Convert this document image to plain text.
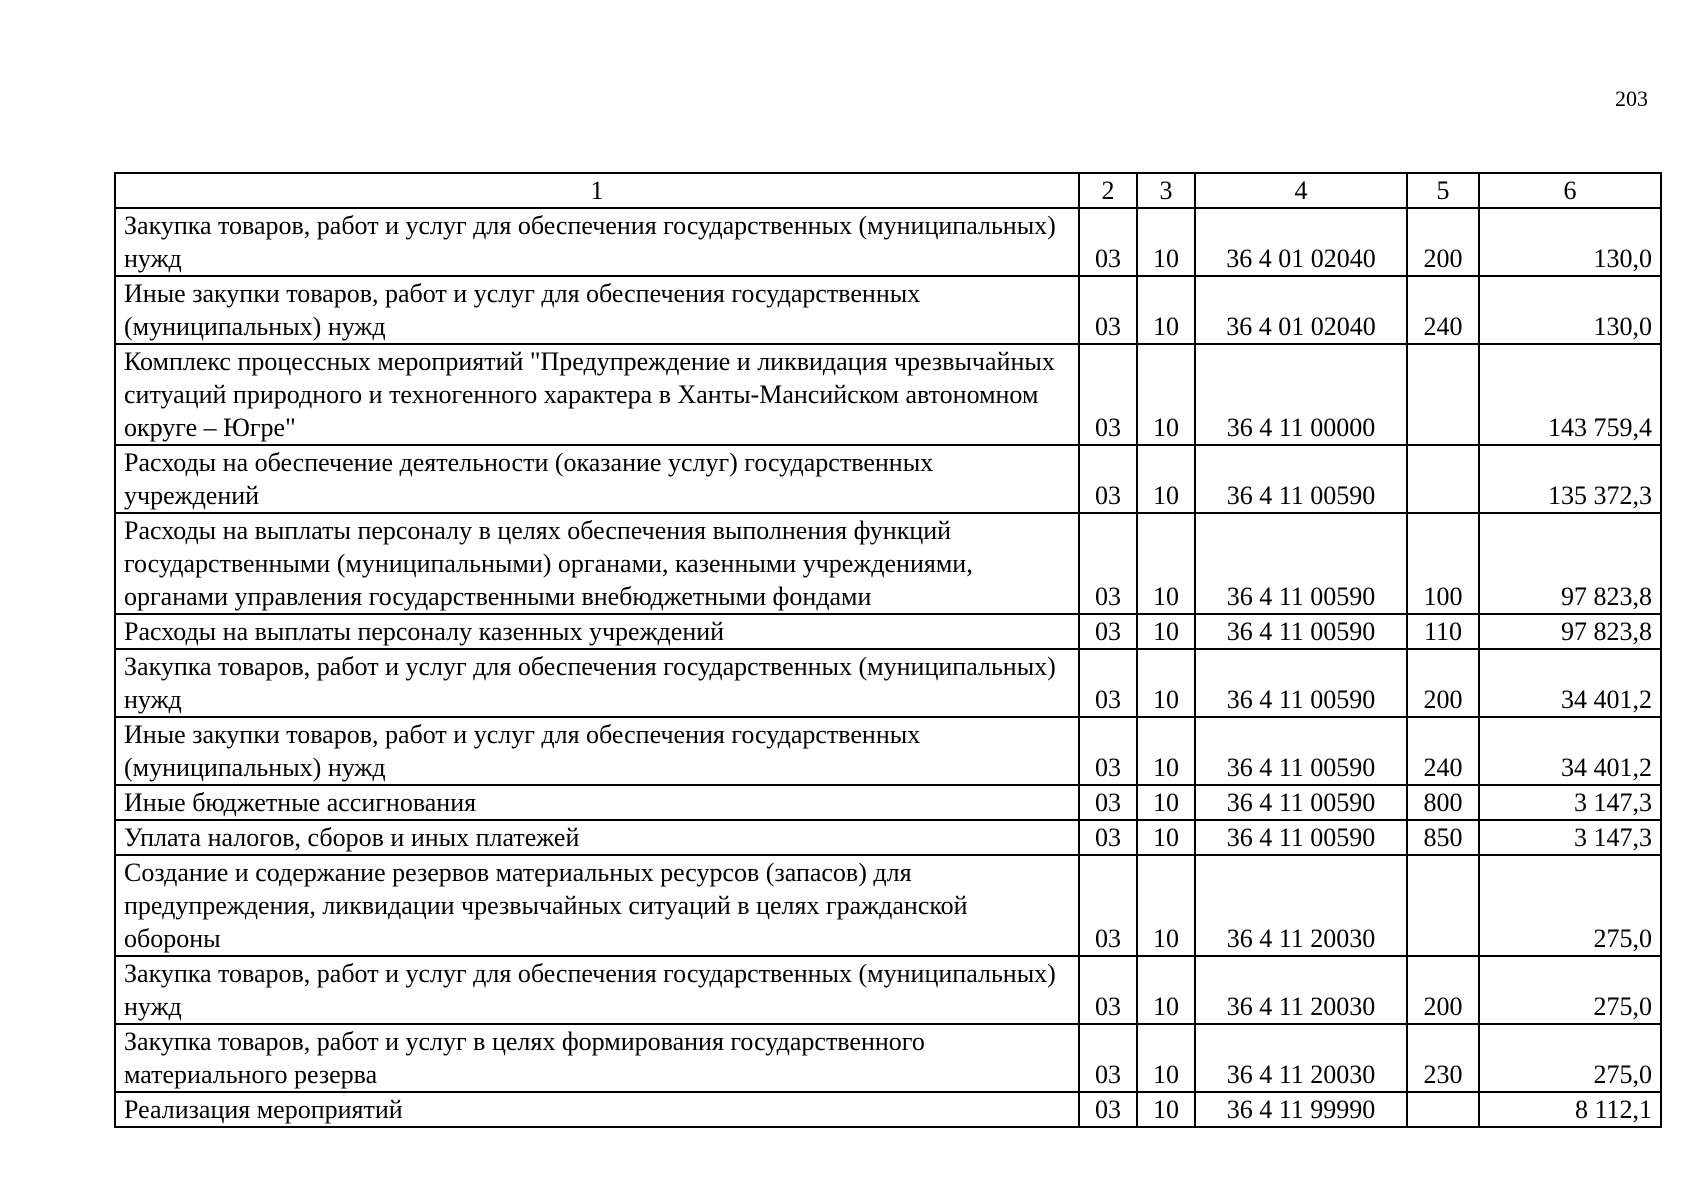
203
1	2	3	4	5	6
Закупка товаров, работ и услуг для обеспечения государственных (муниципальных) нужд	03	10	36 4 01 02040	200	130,0
Иные закупки товаров, работ и услуг для обеспечения государственных (муниципальных) нужд	03	10	36 4 01 02040	240	130,0
Комплекс процессных мероприятий "Предупреждение и ликвидация чрезвычайных ситуаций природного и техногенного характера в Ханты-Мансийском автономном округе – Югре"	03	10	36 4 11 00000		143 759,4
Расходы на обеспечение деятельности (оказание услуг) государственных учреждений	03	10	36 4 11 00590		135 372,3
Расходы на выплаты персоналу в целях обеспечения выполнения функций государственными (муниципальными) органами, казенными учреждениями, органами управления государственными внебюджетными фондами	03	10	36 4 11 00590	100	97 823,8
Расходы на выплаты персоналу казенных учреждений	03	10	36 4 11 00590	110	97 823,8
Закупка товаров, работ и услуг для обеспечения государственных (муниципальных) нужд	03	10	36 4 11 00590	200	34 401,2
Иные закупки товаров, работ и услуг для обеспечения государственных (муниципальных) нужд	03	10	36 4 11 00590	240	34 401,2
Иные бюджетные ассигнования	03	10	36 4 11 00590	800	3 147,3
Уплата налогов, сборов и иных платежей	03	10	36 4 11 00590	850	3 147,3
Создание и содержание резервов материальных ресурсов (запасов) для предупреждения, ликвидации чрезвычайных ситуаций в целях гражданской обороны	03	10	36 4 11 20030		275,0
Закупка товаров, работ и услуг для обеспечения государственных (муниципальных) нужд	03	10	36 4 11 20030	200	275,0
Закупка товаров, работ и услуг в целях формирования государственного материального резерва	03	10	36 4 11 20030	230	275,0
Реализация мероприятий	03	10	36 4 11 99990		8 112,1
